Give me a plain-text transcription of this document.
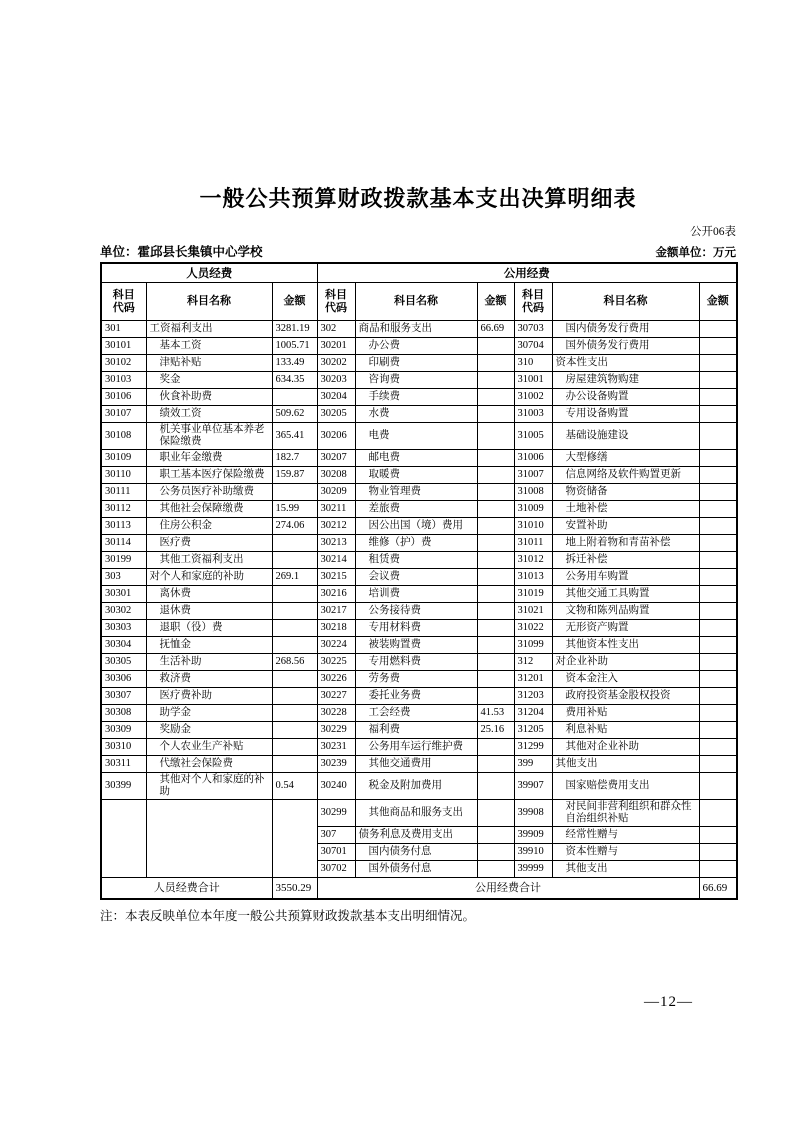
一般公共预算财政拨款基本支出决算明细表
公开06表
单位：霍邱县长集镇中心学校	金额单位：万元
人员经费			公用经费					
科目代码	科目名称	金额	科目代码	科目名称	金额	科目代码	科目名称	金额
301	工资福利支出	3281.19	302	商品和服务支出	66.69	30703	国内债务发行费用	
30101	基本工资	1005.71	30201	办公费		30704	国外债务发行费用	
30102	津贴补贴	133.49	30202	印刷费		310	资本性支出	
30103	奖金	634.35	30203	咨询费		31001	房屋建筑物购建	
30106	伙食补助费		30204	手续费		31002	办公设备购置	
30107	绩效工资	509.62	30205	水费		31003	专用设备购置	
30108	机关事业单位基本养老保险缴费	365.41	30206	电费		31005	基础设施建设	
30109	职业年金缴费	182.7	30207	邮电费		31006	大型修缮	
30110	职工基本医疗保险缴费	159.87	30208	取暖费		31007	信息网络及软件购置更新	
30111	公务员医疗补助缴费		30209	物业管理费		31008	物资储备	
30112	其他社会保障缴费	15.99	30211	差旅费		31009	土地补偿	
30113	住房公积金	274.06	30212	因公出国（境）费用		31010	安置补助	
30114	医疗费		30213	维修（护）费		31011	地上附着物和青苗补偿	
30199	其他工资福利支出		30214	租赁费		31012	拆迁补偿	
303	对个人和家庭的补助	269.1	30215	会议费		31013	公务用车购置	
30301	离休费		30216	培训费		31019	其他交通工具购置	
30302	退休费		30217	公务接待费		31021	文物和陈列品购置	
30303	退职（役）费		30218	专用材料费		31022	无形资产购置	
30304	抚恤金		30224	被装购置费		31099	其他资本性支出	
30305	生活补助	268.56	30225	专用燃料费		312	对企业补助	
30306	救济费		30226	劳务费		31201	资本金注入	
30307	医疗费补助		30227	委托业务费		31203	政府投资基金股权投资	
30308	助学金		30228	工会经费	41.53	31204	费用补贴	
30309	奖励金		30229	福利费	25.16	31205	利息补贴	
30310	个人农业生产补贴		30231	公务用车运行维护费		31299	其他对企业补助	
30311	代缴社会保险费		30239	其他交通费用		399	其他支出	
30399	其他对个人和家庭的补助	0.54	30240	税金及附加费用		39907	国家赔偿费用支出	
			30299	其他商品和服务支出		39908	对民间非营利组织和群众性自治组织补贴	
			307	债务利息及费用支出		39909	经常性赠与	
			30701	国内债务付息		39910	资本性赠与	
			30702	国外债务付息		39999	其他支出	
人员经费合计		3550.29	公用经费合计					66.69
注：本表反映单位本年度一般公共预算财政拨款基本支出明细情况。
—12—
